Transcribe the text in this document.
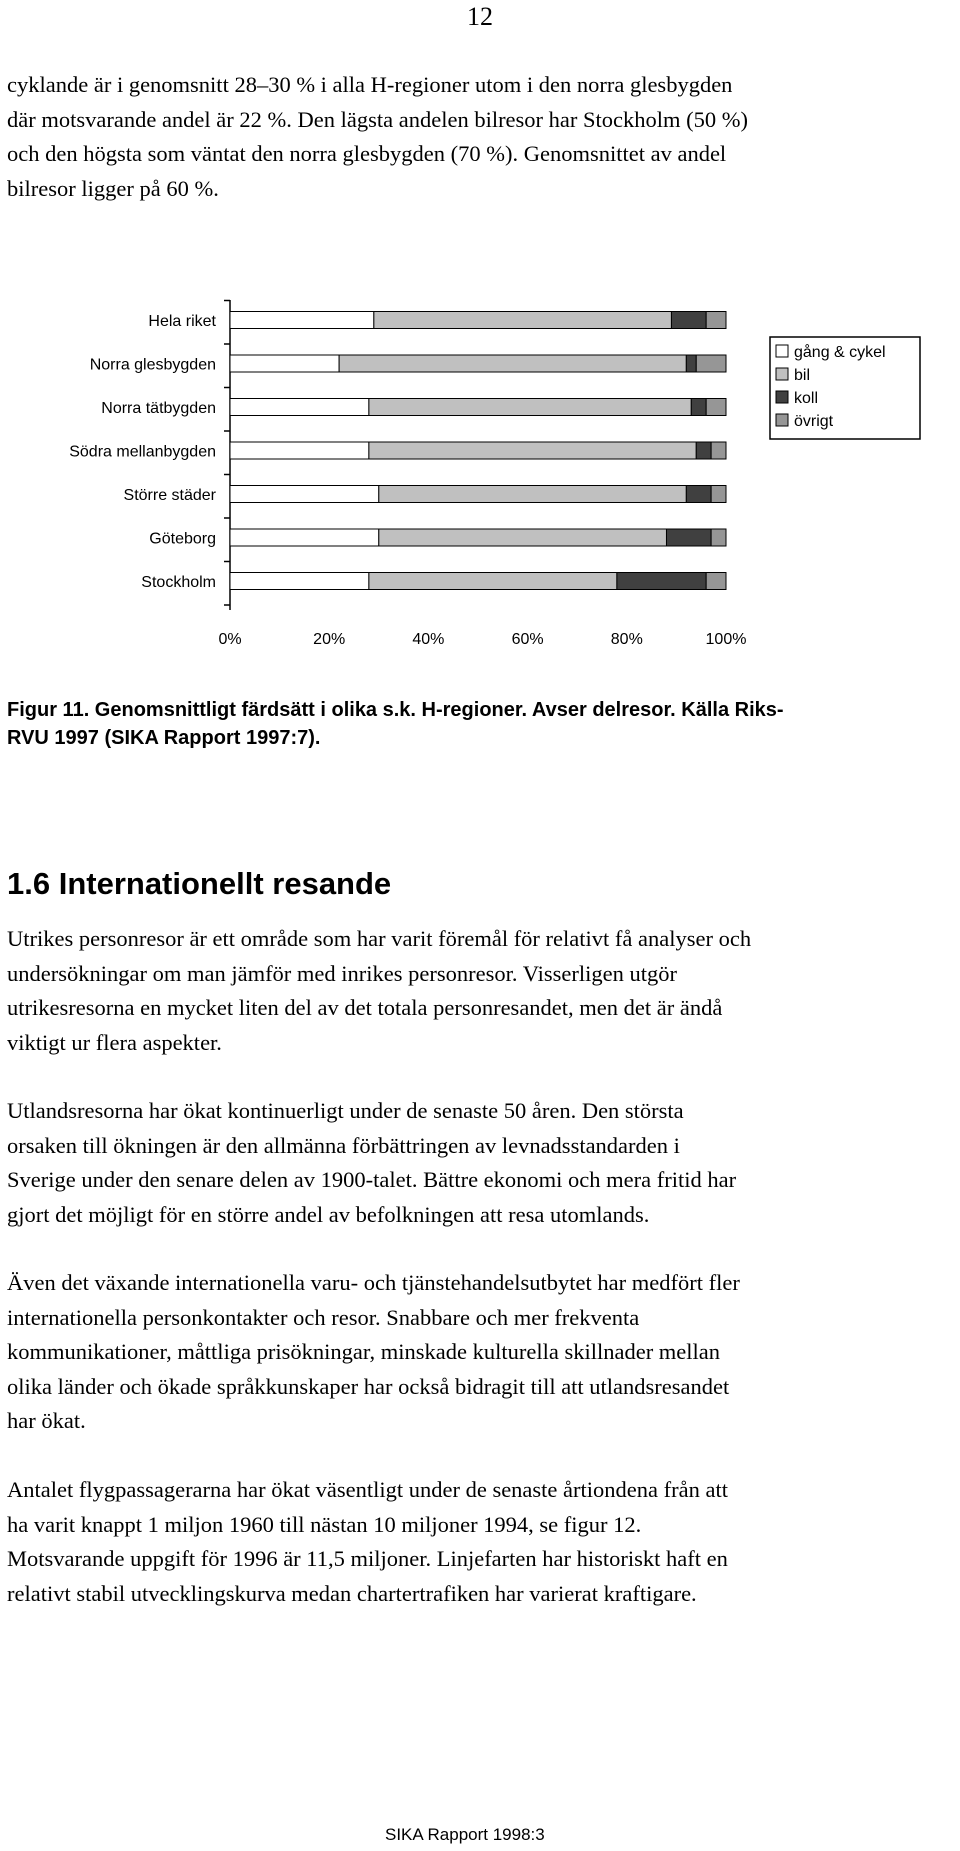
12
cyklande är i genomsnitt 28–30 % i alla H-regioner utom i den norra glesbygden
där motsvarande andel är 22 %. Den lägsta andelen bilresor har Stockholm (50 %)
och den högsta som väntat den norra glesbygden (70 %). Genomsnittet av andel
bilresor ligger på 60 %.
Hela riket
Norra glesbygden
Norra tätbygden
Södra mellanbygden
Större städer
Göteborg
Stockholm
0%	20%	40%	60%	80%	100%
gång & cykel
bil
koll
övrigt
Figur 11. Genomsnittligt färdsätt i olika s.k. H-regioner. Avser delresor. Källa Riks-
RVU 1997 (SIKA Rapport 1997:7).
1.6 Internationellt resande
Utrikes personresor är ett område som har varit föremål för relativt få analyser och
undersökningar om man jämför med inrikes personresor. Visserligen utgör
utrikesresorna en mycket liten del av det totala personresandet, men det är ändå
viktigt ur flera aspekter.
Utlandsresorna har ökat kontinuerligt under de senaste 50 åren. Den största
orsaken till ökningen är den allmänna förbättringen av levnadsstandarden i
Sverige under den senare delen av 1900-talet. Bättre ekonomi och mera fritid har
gjort det möjligt för en större andel av befolkningen att resa utomlands.
Även det växande internationella varu- och tjänstehandelsutbytet har medfört fler
internationella personkontakter och resor. Snabbare och mer frekventa
kommunikationer, måttliga prisökningar, minskade kulturella skillnader mellan
olika länder och ökade språkkunskaper har också bidragit till att utlandsresandet
har ökat.
Antalet flygpassagerarna har ökat väsentligt under de senaste årtiondena från att
ha varit knappt 1 miljon 1960 till nästan 10 miljoner 1994, se figur 12.
Motsvarande uppgift för 1996 är 11,5 miljoner. Linjefarten har historiskt haft en
relativt stabil utvecklingskurva medan chartertrafiken har varierat kraftigare.
SIKA Rapport 1998:3
